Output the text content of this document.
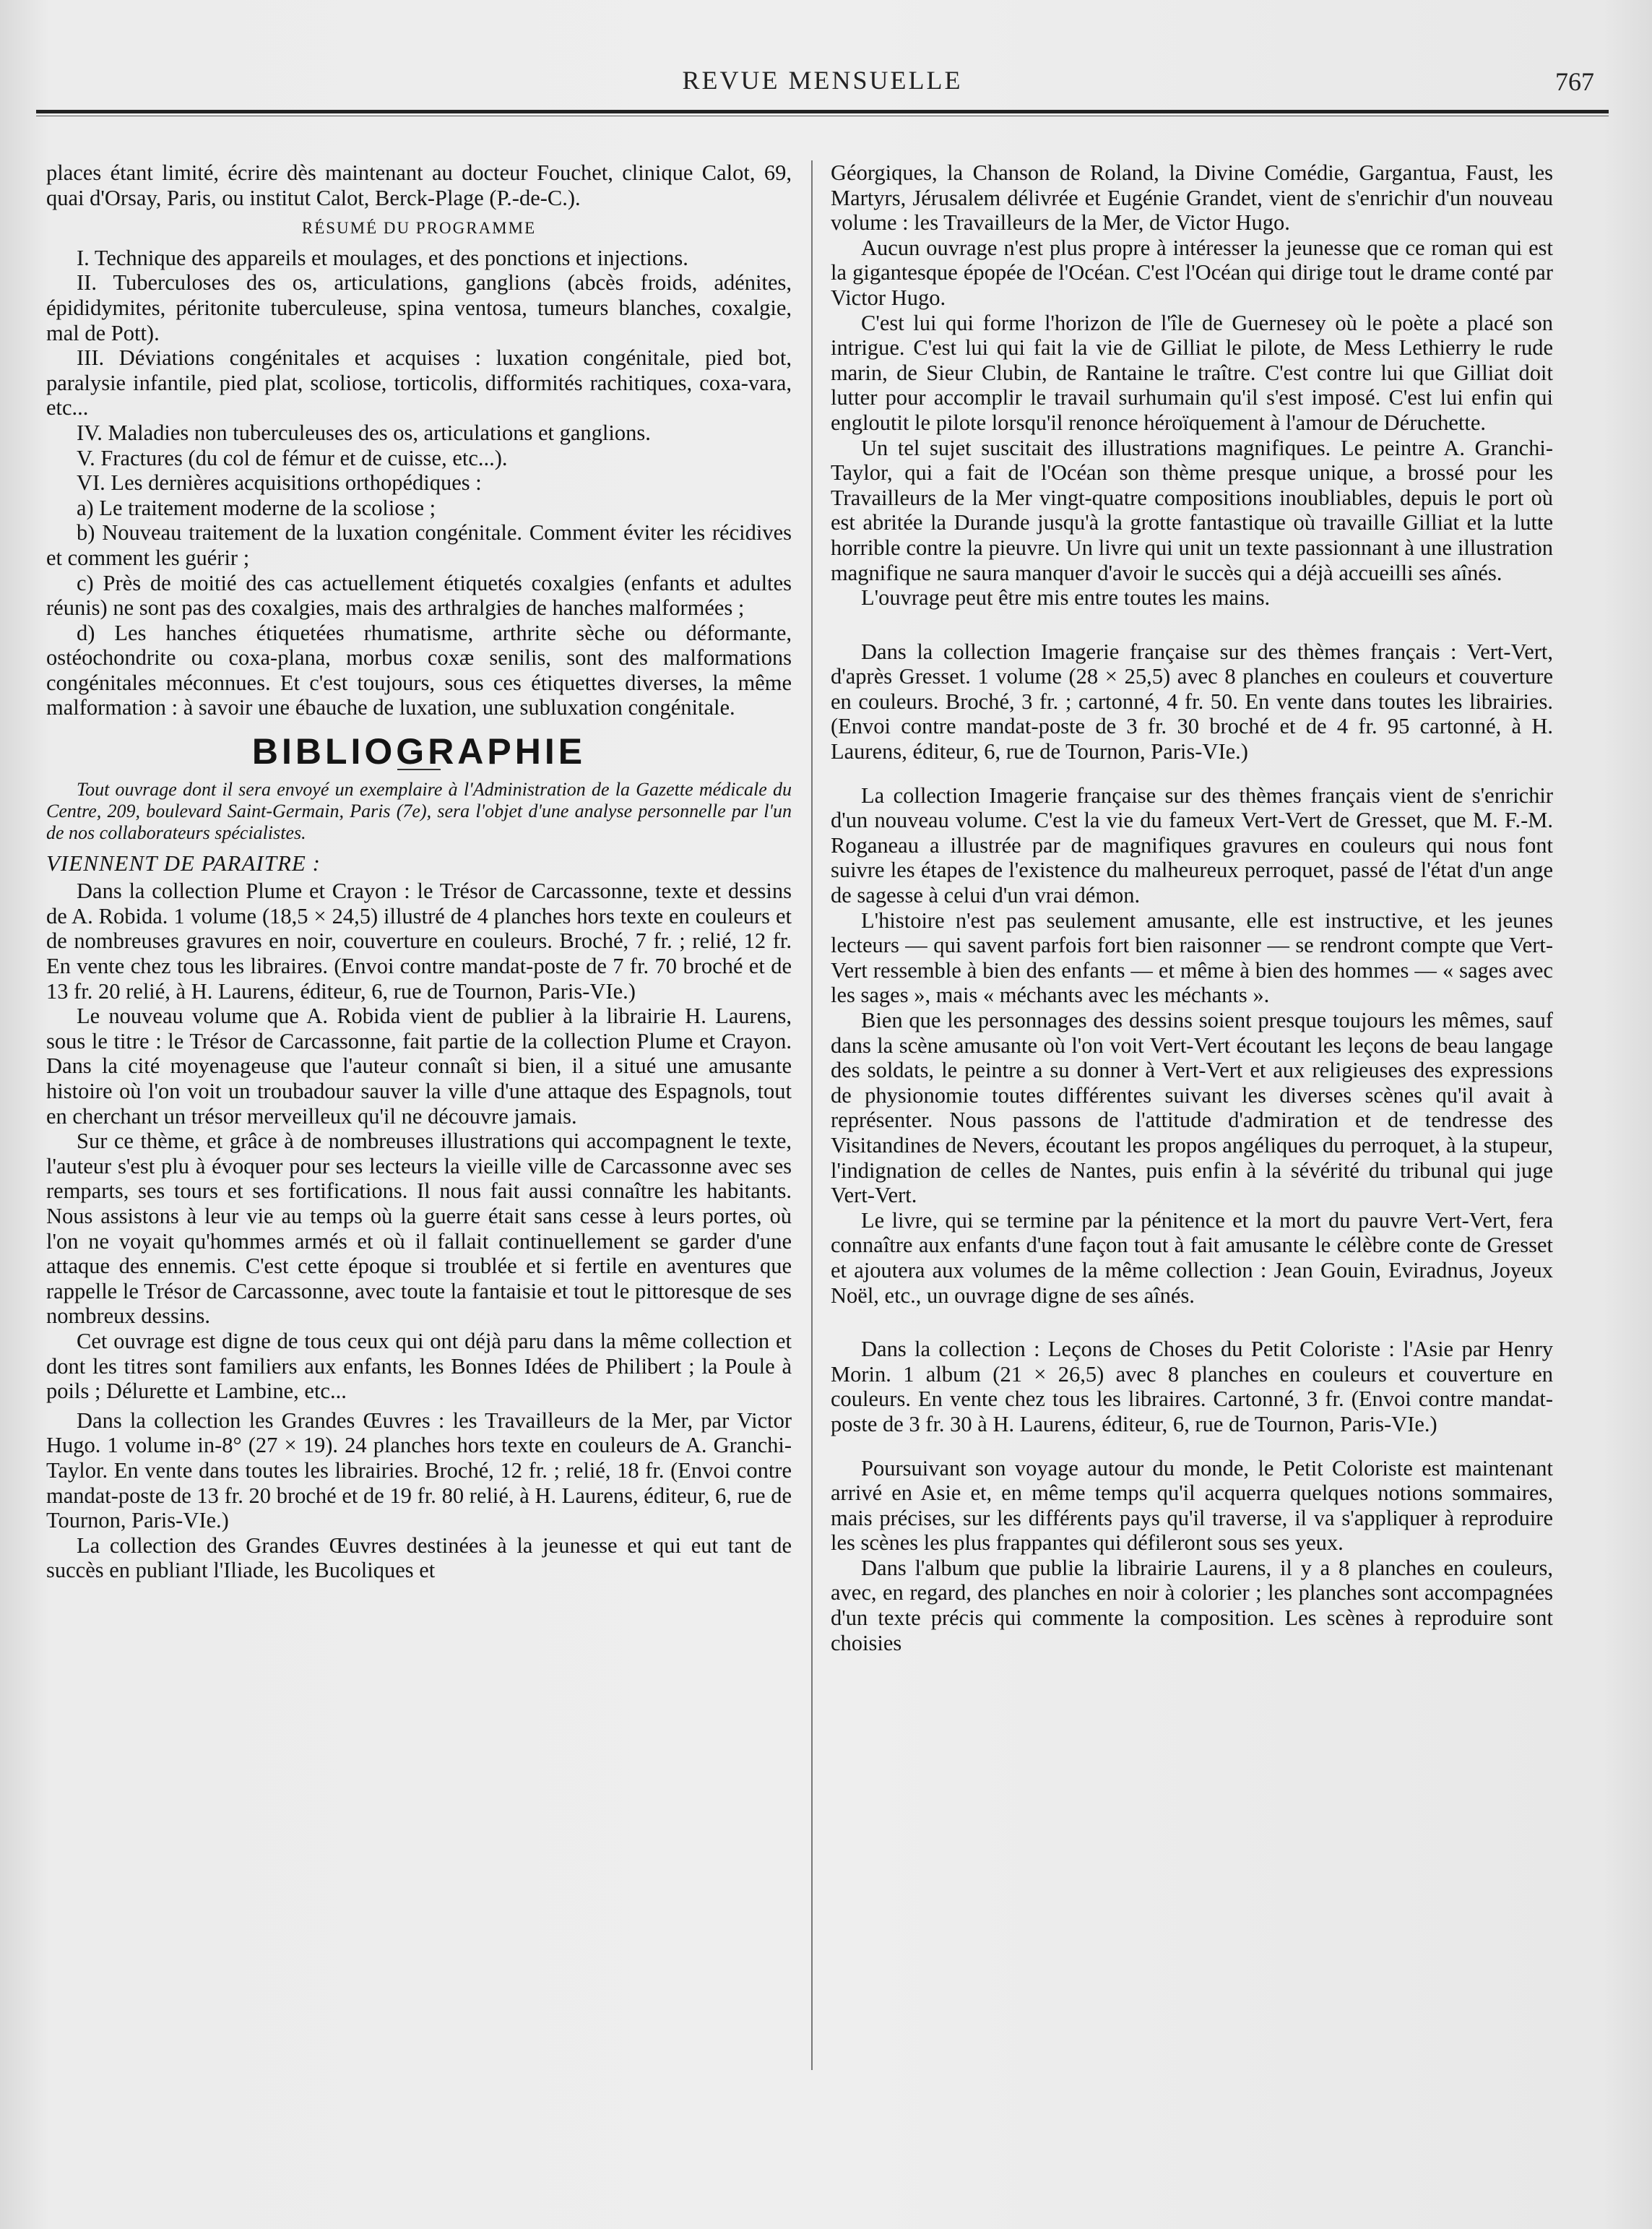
REVUE MENSUELLE	767

places étant limité, écrire dès maintenant au docteur Fouchet, clinique Calot, 69, quai d'Orsay, Paris, ou institut Calot, Berck-Plage (P.-de-C.).

RÉSUMÉ DU PROGRAMME

I. Technique des appareils et moulages, et des ponctions et injections.

II. Tuberculoses des os, articulations, ganglions (abcès froids, adénites, épididymites, péritonite tuberculeuse, spina ventosa, tumeurs blanches, coxalgie, mal de Pott).

III. Déviations congénitales et acquises : luxation congénitale, pied bot, paralysie infantile, pied plat, scoliose, torticolis, difformités rachitiques, coxa-vara, etc...

IV. Maladies non tuberculeuses des os, articulations et ganglions.

V. Fractures (du col de fémur et de cuisse, etc...).

VI. Les dernières acquisitions orthopédiques :

a) Le traitement moderne de la scoliose ;

b) Nouveau traitement de la luxation congénitale. Comment éviter les récidives et comment les guérir ;

c) Près de moitié des cas actuellement étiquetés coxalgies (enfants et adultes réunis) ne sont pas des coxalgies, mais des arthralgies de hanches malformées ;

d) Les hanches étiquetées rhumatisme, arthrite sèche ou déformante, ostéochondrite ou coxa-plana, morbus coxæ senilis, sont des malformations congénitales méconnues. Et c'est toujours, sous ces étiquettes diverses, la même malformation : à savoir une ébauche de luxation, une subluxation congénitale.

BIBLIOGRAPHIE

Tout ouvrage dont il sera envoyé un exemplaire à l'Administration de la Gazette médicale du Centre, 209, boulevard Saint-Germain, Paris (7e), sera l'objet d'une analyse personnelle par l'un de nos collaborateurs spécialistes.

VIENNENT DE PARAITRE :

Dans la collection Plume et Crayon : le Trésor de Carcassonne, texte et dessins de A. Robida. 1 volume (18,5 × 24,5) illustré de 4 planches hors texte en couleurs et de nombreuses gravures en noir, couverture en couleurs. Broché, 7 fr. ; relié, 12 fr. En vente chez tous les libraires. (Envoi contre mandat-poste de 7 fr. 70 broché et de 13 fr. 20 relié, à H. Laurens, éditeur, 6, rue de Tournon, Paris-VIe.)

Le nouveau volume que A. Robida vient de publier à la librairie H. Laurens, sous le titre : le Trésor de Carcassonne, fait partie de la collection Plume et Crayon. Dans la cité moyenageuse que l'auteur connaît si bien, il a situé une amusante histoire où l'on voit un troubadour sauver la ville d'une attaque des Espagnols, tout en cherchant un trésor merveilleux qu'il ne découvre jamais.

Sur ce thème, et grâce à de nombreuses illustrations qui accompagnent le texte, l'auteur s'est plu à évoquer pour ses lecteurs la vieille ville de Carcassonne avec ses remparts, ses tours et ses fortifications. Il nous fait aussi connaître les habitants. Nous assistons à leur vie au temps où la guerre était sans cesse à leurs portes, où l'on ne voyait qu'hommes armés et où il fallait continuellement se garder d'une attaque des ennemis. C'est cette époque si troublée et si fertile en aventures que rappelle le Trésor de Carcassonne, avec toute la fantaisie et tout le pittoresque de ses nombreux dessins.

Cet ouvrage est digne de tous ceux qui ont déjà paru dans la même collection et dont les titres sont familiers aux enfants, les Bonnes Idées de Philibert ; la Poule à poils ; Délurette et Lambine, etc...

Dans la collection les Grandes Œuvres : les Travailleurs de la Mer, par Victor Hugo. 1 volume in-8° (27 × 19). 24 planches hors texte en couleurs de A. Granchi-Taylor. En vente dans toutes les librairies. Broché, 12 fr. ; relié, 18 fr. (Envoi contre mandat-poste de 13 fr. 20 broché et de 19 fr. 80 relié, à H. Laurens, éditeur, 6, rue de Tournon, Paris-VIe.)

La collection des Grandes Œuvres destinées à la jeunesse et qui eut tant de succès en publiant l'Iliade, les Bucoliques et

Géorgiques, la Chanson de Roland, la Divine Comédie, Gargantua, Faust, les Martyrs, Jérusalem délivrée et Eugénie Grandet, vient de s'enrichir d'un nouveau volume : les Travailleurs de la Mer, de Victor Hugo.

Aucun ouvrage n'est plus propre à intéresser la jeunesse que ce roman qui est la gigantesque épopée de l'Océan. C'est l'Océan qui dirige tout le drame conté par Victor Hugo.

C'est lui qui forme l'horizon de l'île de Guernesey où le poète a placé son intrigue. C'est lui qui fait la vie de Gilliat le pilote, de Mess Lethierry le rude marin, de Sieur Clubin, de Rantaine le traître. C'est contre lui que Gilliat doit lutter pour accomplir le travail surhumain qu'il s'est imposé. C'est lui enfin qui engloutit le pilote lorsqu'il renonce héroïquement à l'amour de Déruchette.

Un tel sujet suscitait des illustrations magnifiques. Le peintre A. Granchi-Taylor, qui a fait de l'Océan son thème presque unique, a brossé pour les Travailleurs de la Mer vingt-quatre compositions inoubliables, depuis le port où est abritée la Durande jusqu'à la grotte fantastique où travaille Gilliat et la lutte horrible contre la pieuvre. Un livre qui unit un texte passionnant à une illustration magnifique ne saura manquer d'avoir le succès qui a déjà accueilli ses aînés.

L'ouvrage peut être mis entre toutes les mains.

Dans la collection Imagerie française sur des thèmes français : Vert-Vert, d'après Gresset. 1 volume (28 × 25,5) avec 8 planches en couleurs et couverture en couleurs. Broché, 3 fr. ; cartonné, 4 fr. 50. En vente dans toutes les librairies. (Envoi contre mandat-poste de 3 fr. 30 broché et de 4 fr. 95 cartonné, à H. Laurens, éditeur, 6, rue de Tournon, Paris-VIe.)

La collection Imagerie française sur des thèmes français vient de s'enrichir d'un nouveau volume. C'est la vie du fameux Vert-Vert de Gresset, que M. F.-M. Roganeau a illustrée par de magnifiques gravures en couleurs qui nous font suivre les étapes de l'existence du malheureux perroquet, passé de l'état d'un ange de sagesse à celui d'un vrai démon.

L'histoire n'est pas seulement amusante, elle est instructive, et les jeunes lecteurs — qui savent parfois fort bien raisonner — se rendront compte que Vert-Vert ressemble à bien des enfants — et même à bien des hommes — « sages avec les sages », mais « méchants avec les méchants ».

Bien que les personnages des dessins soient presque toujours les mêmes, sauf dans la scène amusante où l'on voit Vert-Vert écoutant les leçons de beau langage des soldats, le peintre a su donner à Vert-Vert et aux religieuses des expressions de physionomie toutes différentes suivant les diverses scènes qu'il avait à représenter. Nous passons de l'attitude d'admiration et de tendresse des Visitandines de Nevers, écoutant les propos angéliques du perroquet, à la stupeur, l'indignation de celles de Nantes, puis enfin à la sévérité du tribunal qui juge Vert-Vert.

Le livre, qui se termine par la pénitence et la mort du pauvre Vert-Vert, fera connaître aux enfants d'une façon tout à fait amusante le célèbre conte de Gresset et ajoutera aux volumes de la même collection : Jean Gouin, Eviradnus, Joyeux Noël, etc., un ouvrage digne de ses aînés.

Dans la collection : Leçons de Choses du Petit Coloriste : l'Asie par Henry Morin. 1 album (21 × 26,5) avec 8 planches en couleurs et couverture en couleurs. En vente chez tous les libraires. Cartonné, 3 fr. (Envoi contre mandat-poste de 3 fr. 30 à H. Laurens, éditeur, 6, rue de Tournon, Paris-VIe.)

Poursuivant son voyage autour du monde, le Petit Coloriste est maintenant arrivé en Asie et, en même temps qu'il acquerra quelques notions sommaires, mais précises, sur les différents pays qu'il traverse, il va s'appliquer à reproduire les scènes les plus frappantes qui défileront sous ses yeux.

Dans l'album que publie la librairie Laurens, il y a 8 planches en couleurs, avec, en regard, des planches en noir à colorier ; les planches sont accompagnées d'un texte précis qui commente la composition. Les scènes à reproduire sont choisies
